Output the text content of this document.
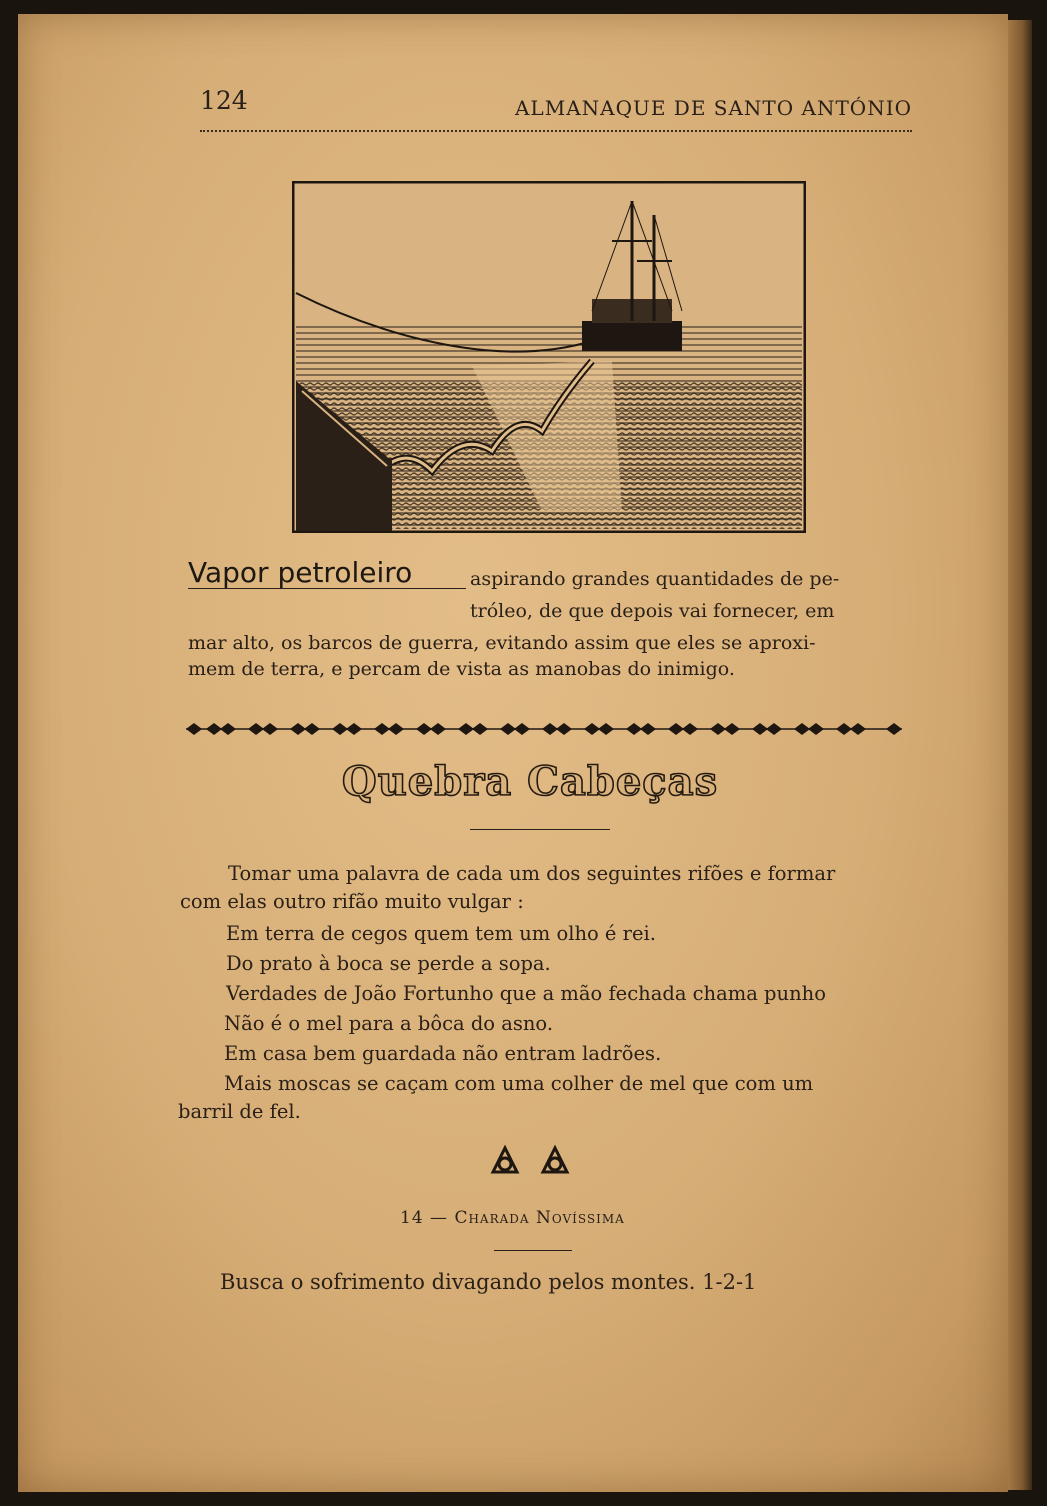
124	ALMANAQUE DE SANTO ANTÓNIO
Vapor petroleiro	aspirando grandes quantidades de pe-
tróleo, de que depois vai fornecer, em
mar alto, os barcos de guerra, evitando assim que eles se aproxi-
mem de terra, e percam de vista as manobas do inimigo.
Quebra Cabeças
Tomar uma palavra de cada um dos seguintes rifões e formar
com elas outro rifão muito vulgar :
Em terra de cegos quem tem um olho é rei.
Do prato à boca se perde a sopa.
Verdades de João Fortunho que a mão fechada chama punho
Não é o mel para a bôca do asno.
Em casa bem guardada não entram ladrões.
Mais moscas se caçam com uma colher de mel que com um
barril de fel.
14 — Charada Novíssima
Busca o sofrimento divagando pelos montes. 1-2-1
